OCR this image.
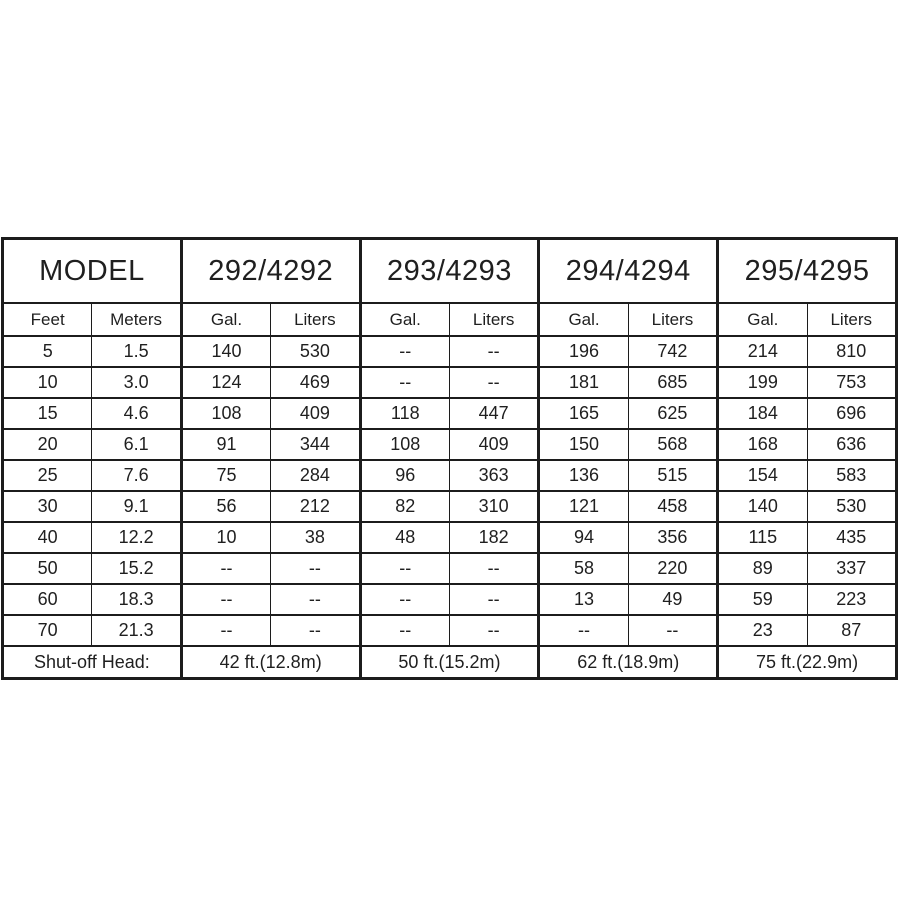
MODEL		292/4292		293/4293		294/4294		295/4295	
Feet	Meters	Gal.	Liters	Gal.	Liters	Gal.	Liters	Gal.	Liters
5	1.5	140	530	--	--	196	742	214	810
10	3.0	124	469	--	--	181	685	199	753
15	4.6	108	409	118	447	165	625	184	696
20	6.1	91	344	108	409	150	568	168	636
25	7.6	75	284	96	363	136	515	154	583
30	9.1	56	212	82	310	121	458	140	530
40	12.2	10	38	48	182	94	356	115	435
50	15.2	--	--	--	--	58	220	89	337
60	18.3	--	--	--	--	13	49	59	223
70	21.3	--	--	--	--	--	--	23	87
Shut-off Head:		42 ft.(12.8m)		50 ft.(15.2m)		62 ft.(18.9m)		75 ft.(22.9m)	
